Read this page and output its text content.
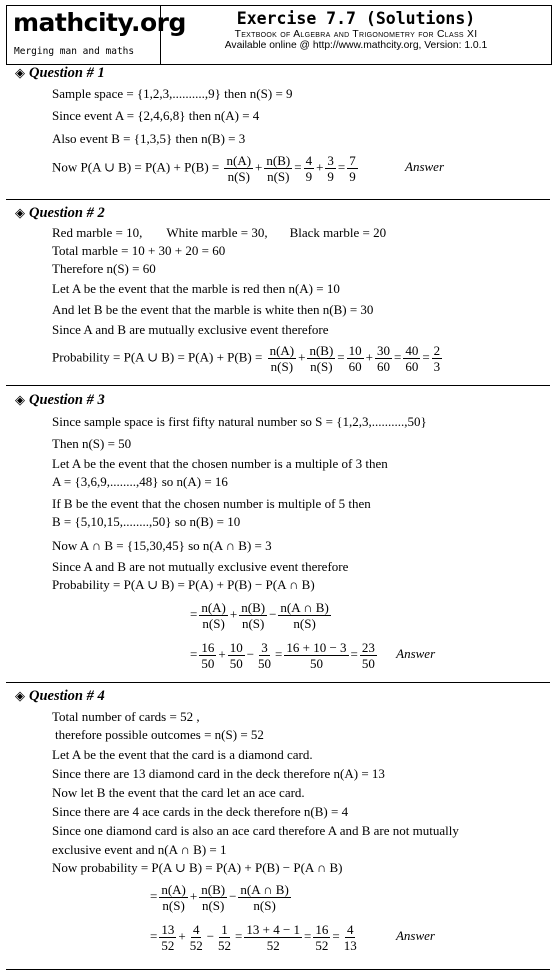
mathcity.org
Merging man and maths
Exercise 7.7 (Solutions)
Textbook of Algebra and Trigonometry for Class XI
Available online @ http://www.mathcity.org, Version: 1.0.1
◈ Question # 1
Sample space = {1,2,3,..........,9} then n(S) = 9
Since event A = {2,4,6,8} then n(A) = 4
Also event B = {1,3,5} then n(B) = 3
Now P(A ∪ $B) = P(A) + P(B) = \frac{n(A)}{n(S)} + \frac{n(B)}{n(S)} = \frac{4}{9} + \frac{3}{9} = \frac{7}{9}$	Answer
◈ Question # 2
Red marble = 10, White marble = 30, Black marble = 20
Total marble = 10 + 30 + 20 = 60
Therefore n(S) = 60
Let A be the event that the marble is red then n(A) = 10
And let B be the event that the marble is white then n(B) = 30
Since A and B are mutually exclusive event therefore
Probability = P(A ∪ $B) = P(A) + P(B) = \frac{n(A)}{n(S)} + \frac{n(B)}{n(S)} = \frac{10}{60} + \frac{30}{60} = \frac{40}{60} = \frac{2}{3}$
◈ Question # 3
Since sample space is first fifty natural number so S = {1,2,3,..........,50}
Then n(S) = 50
Let A be the event that the chosen number is a multiple of 3 then
A = {3,6,9,........,48} so n(A) = 16
If B be the event that the chosen number is multiple of 5 then
B = {5,10,15,........,50} so n(B) = 10
Now A ∩ B = {15,30,45} so n(A ∩ B) = 3
Since A and B are not mutually exclusive event therefore
Probability = P(A ∪ B) = P(A) + P(B) − P(A ∩ B)
= $\frac{n(A)}{n(S)} + \frac{n(B)}{n(S)} - \frac{n(A \cap B)}{n(S)}$
= $\frac{16}{50} + \frac{10}{50} - \frac{3}{50} = \frac{16 + 10 - 3}{50} = \frac{23}{50}$ Answer
◈ Question # 4
Total number of cards = 52 ,
therefore possible outcomes = n(S) = 52
Let A be the event that the card is a diamond card.
Since there are 13 diamond card in the deck therefore n(A) = 13
Now let B the event that the card let an ace card.
Since there are 4 ace cards in the deck therefore n(B) = 4
Since one diamond card is also an ace card therefore A and B are not mutually
exclusive event and n(A ∩ B) = 1
Now probability = P(A ∪ B) = P(A) + P(B) − P(A ∩ B)
= $\frac{n(A)}{n(S)} + \frac{n(B)}{n(S)} - \frac{n(A \cap B)}{n(S)}$
= $\frac{13}{52} + \frac{4}{52} - \frac{1}{52} = \frac{13 + 4 - 1}{52} = \frac{16}{52} = \frac{4}{13}$	Answer
